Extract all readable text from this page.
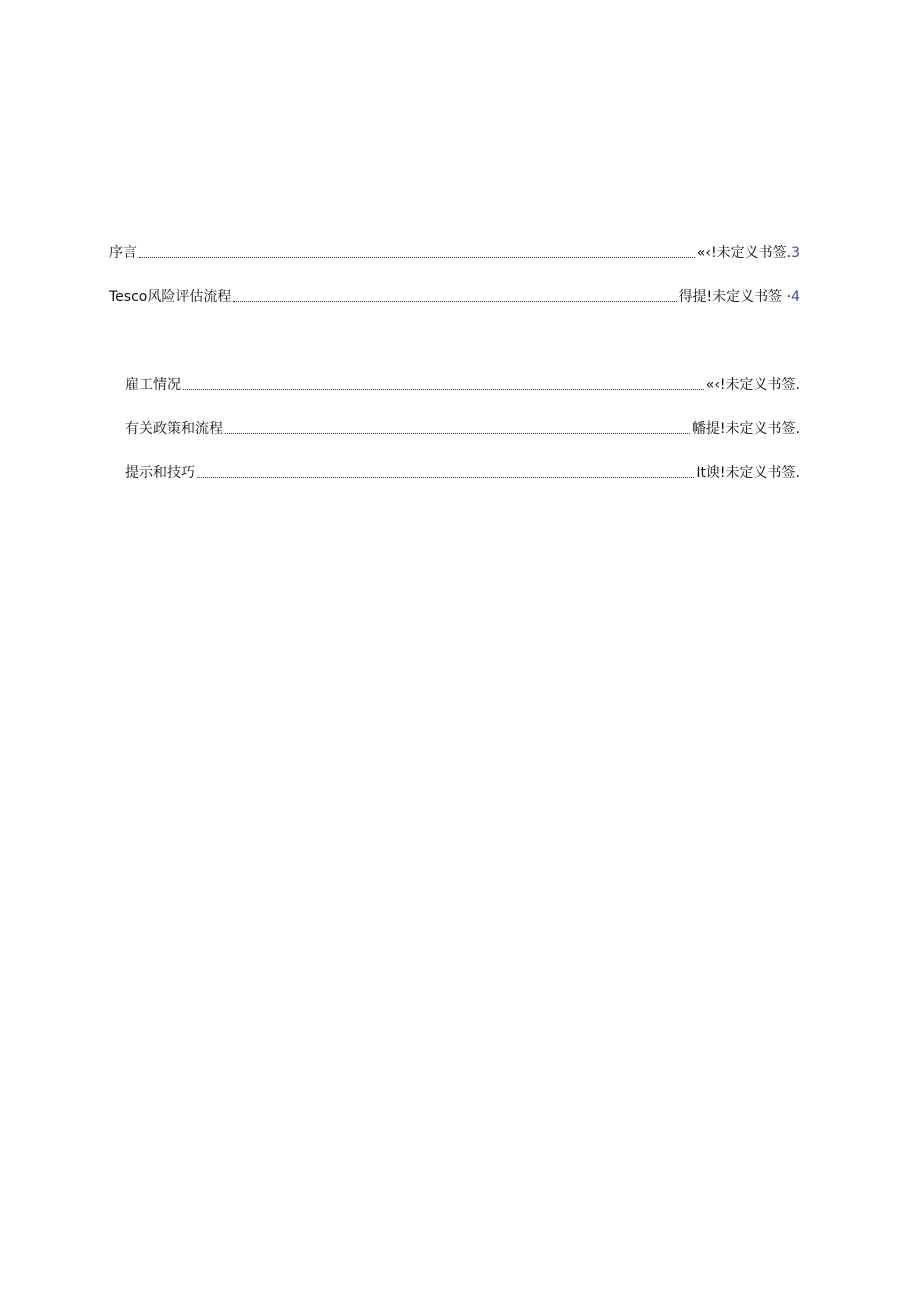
序言	«‹!未定义书签. 3
Tesco风险评估流程	得提!未定义书签 · 4
雇工情况	«‹!未定义书签.
有关政策和流程	幡提!未定义书签.
提示和技巧	It谀!未定义书签.
